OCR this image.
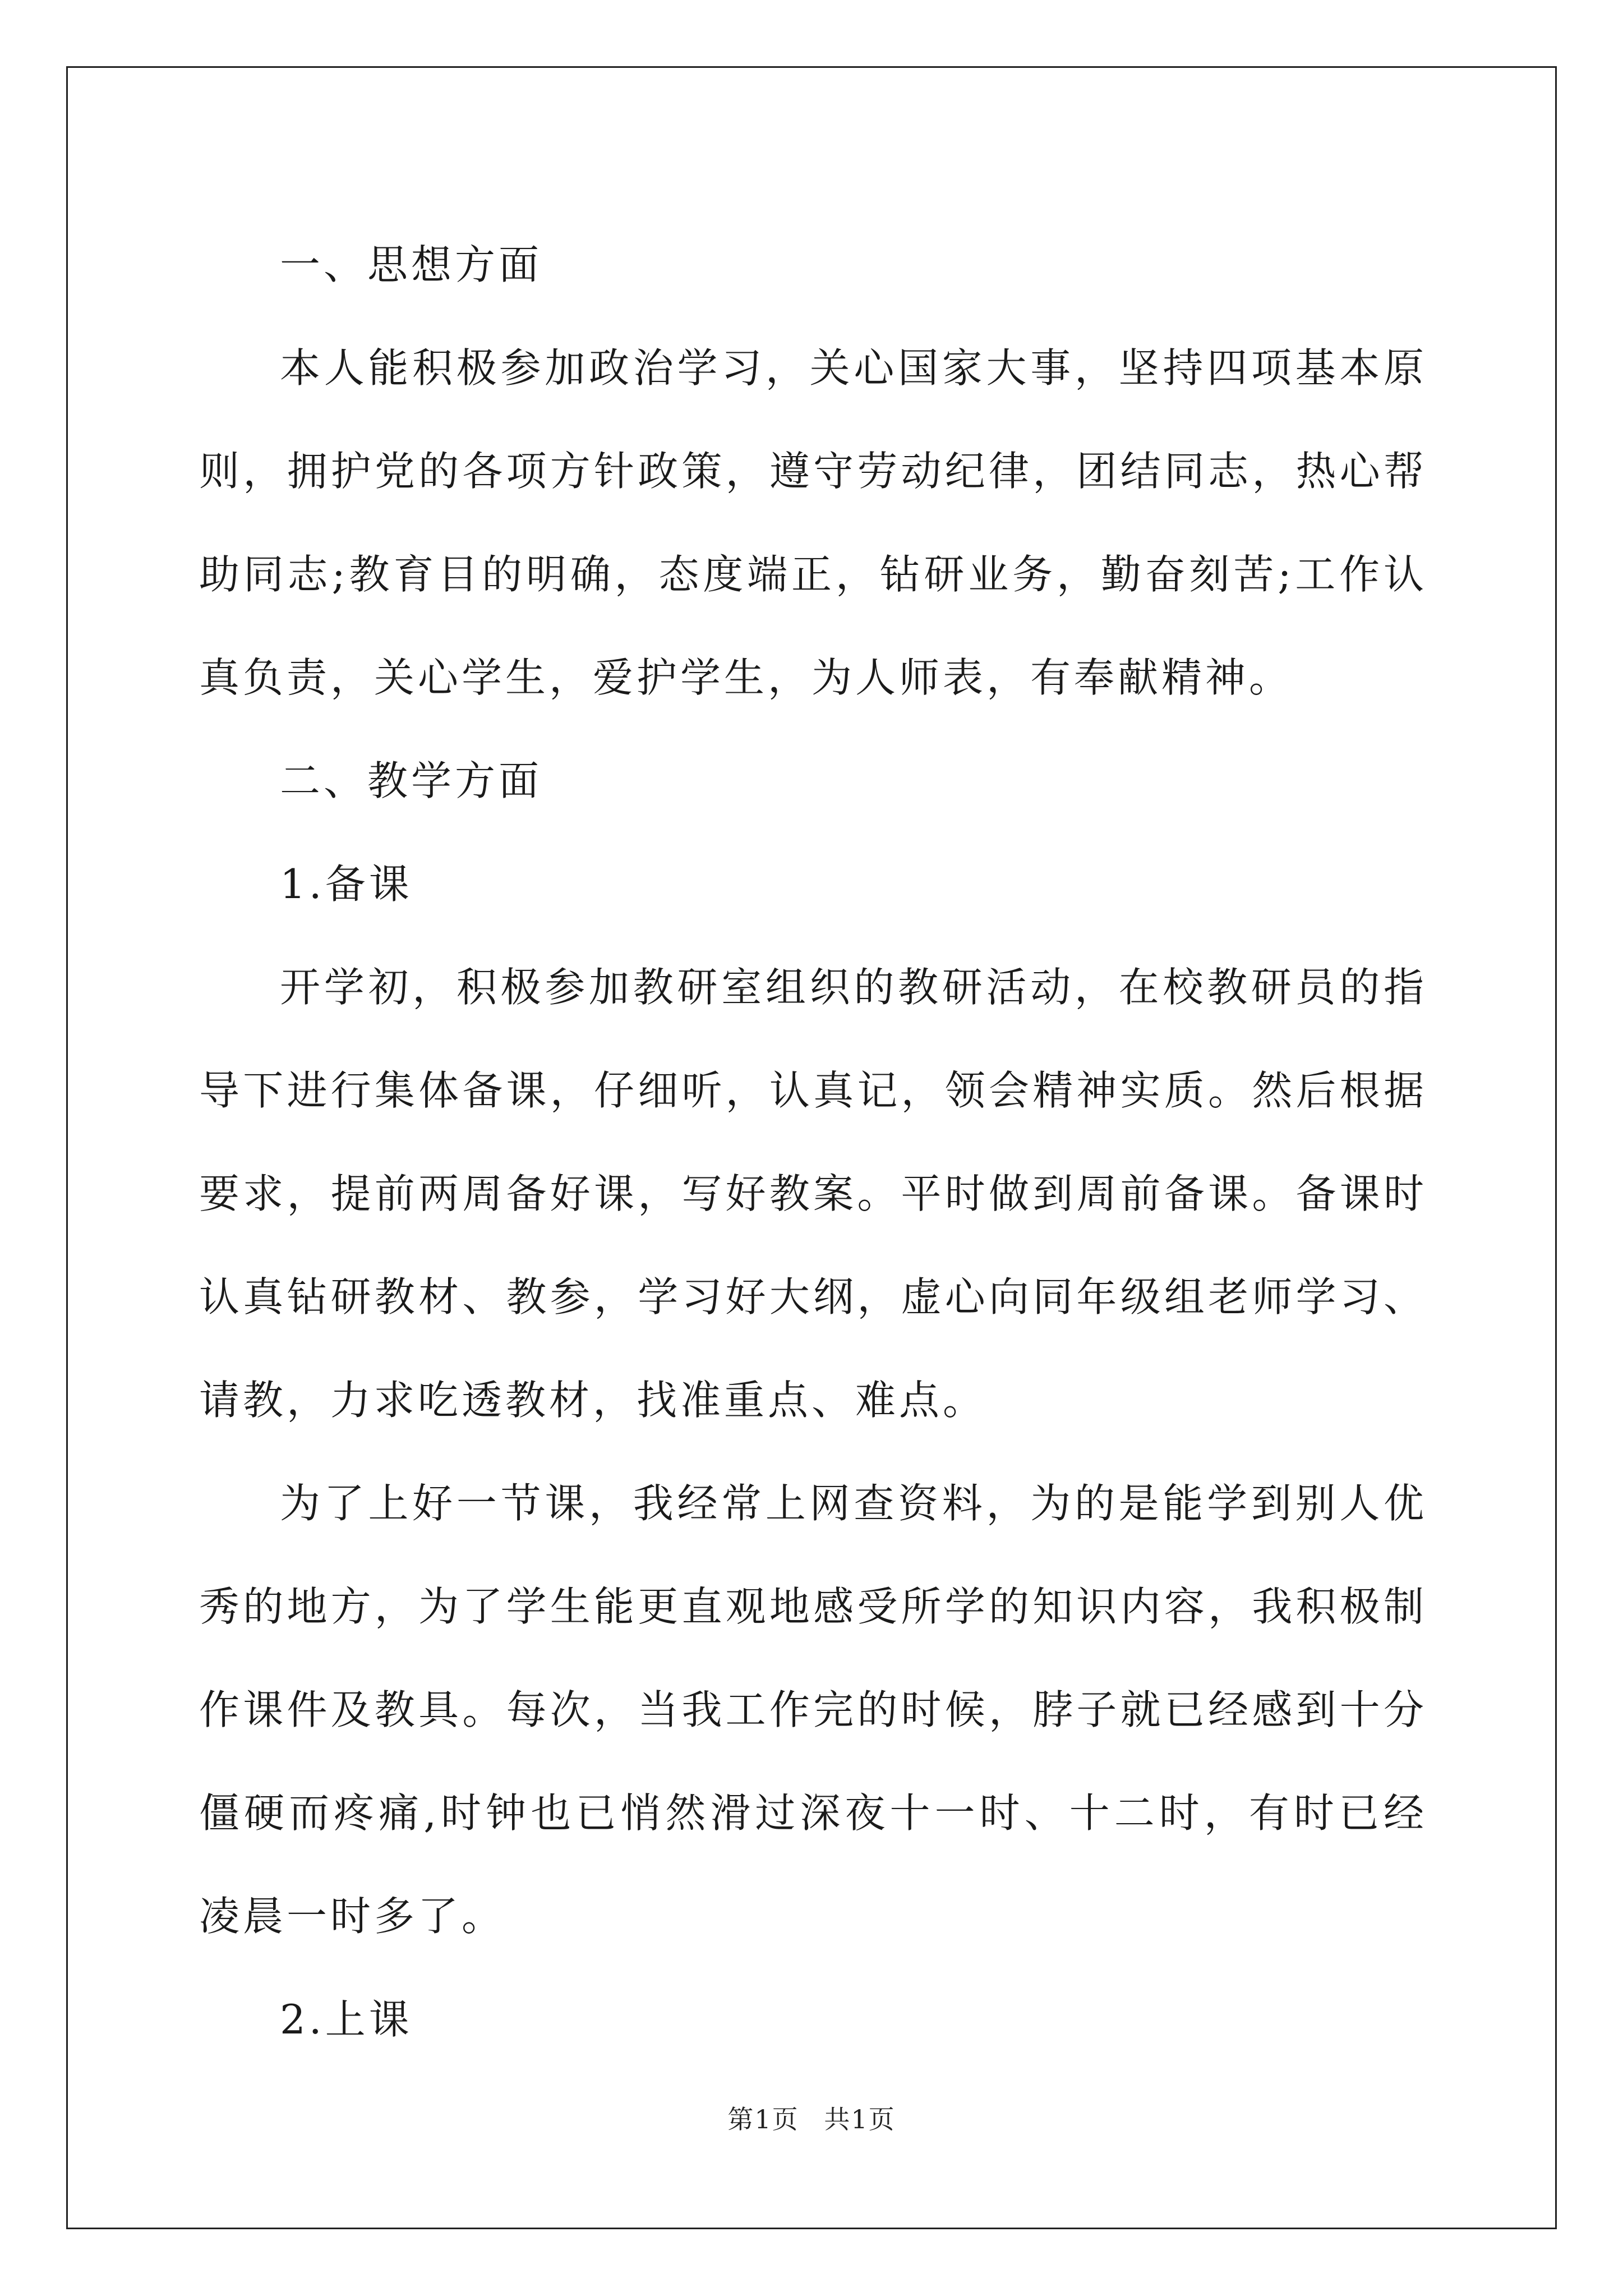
一、思想方面

本人能积极参加政治学习，关心国家大事，坚持四项基本原则，拥护党的各项方针政策，遵守劳动纪律，团结同志，热心帮助同志;教育目的明确，态度端正，钻研业务，勤奋刻苦;工作认真负责，关心学生，爱护学生，为人师表，有奉献精神。

二、教学方面

1.备课

开学初，积极参加教研室组织的教研活动，在校教研员的指导下进行集体备课，仔细听，认真记，领会精神实质。然后根据要求，提前两周备好课，写好教案。平时做到周前备课。备课时认真钻研教材、教参，学习好大纲，虚心向同年级组老师学习、请教，力求吃透教材，找准重点、难点。

为了上好一节课，我经常上网查资料，为的是能学到别人优秀的地方，为了学生能更直观地感受所学的知识内容，我积极制作课件及教具。每次，当我工作完的时候，脖子就已经感到十分僵硬而疼痛,时钟也已悄然滑过深夜十一时、十二时，有时已经凌晨一时多了。

2.上课

第1页 共1页
